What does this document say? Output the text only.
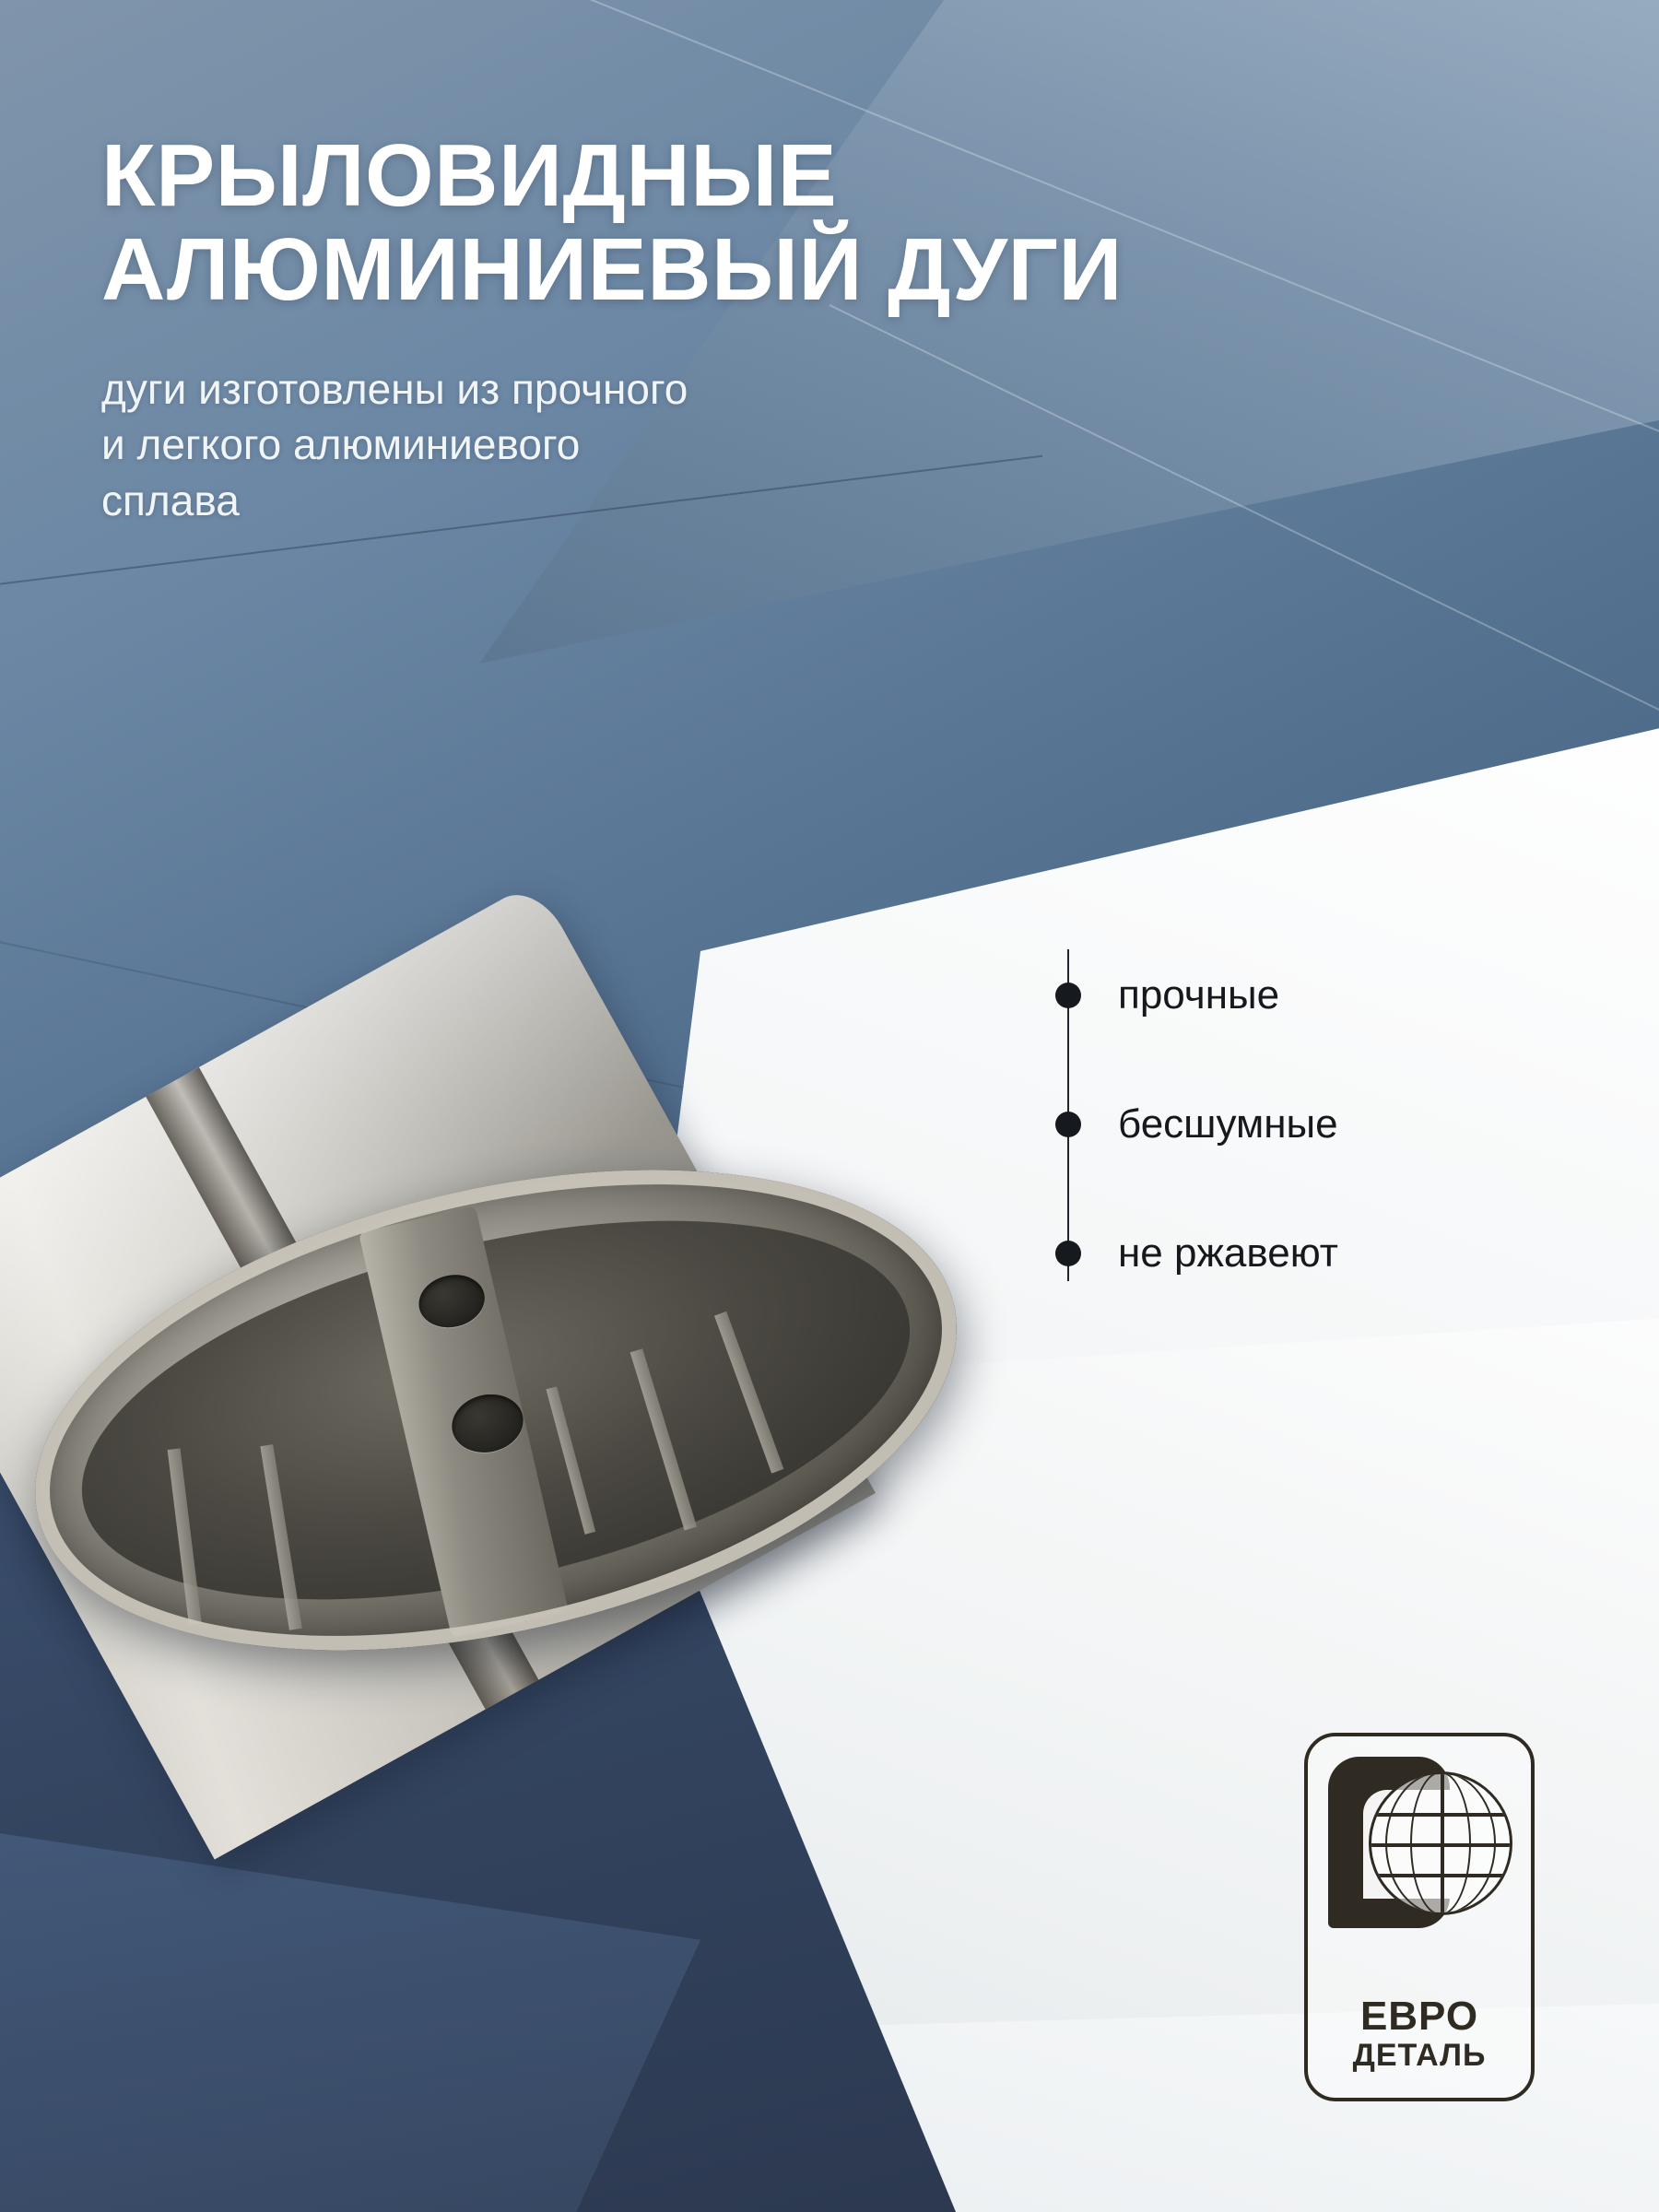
КРЫЛОВИДНЫЕ
АЛЮМИНИЕВЫЙ ДУГИ
дуги изготовлены из прочного
и легкого алюминиевого
сплава
прочные
бесшумные
не ржавеют
ЕВРО
ДЕТАЛЬ
